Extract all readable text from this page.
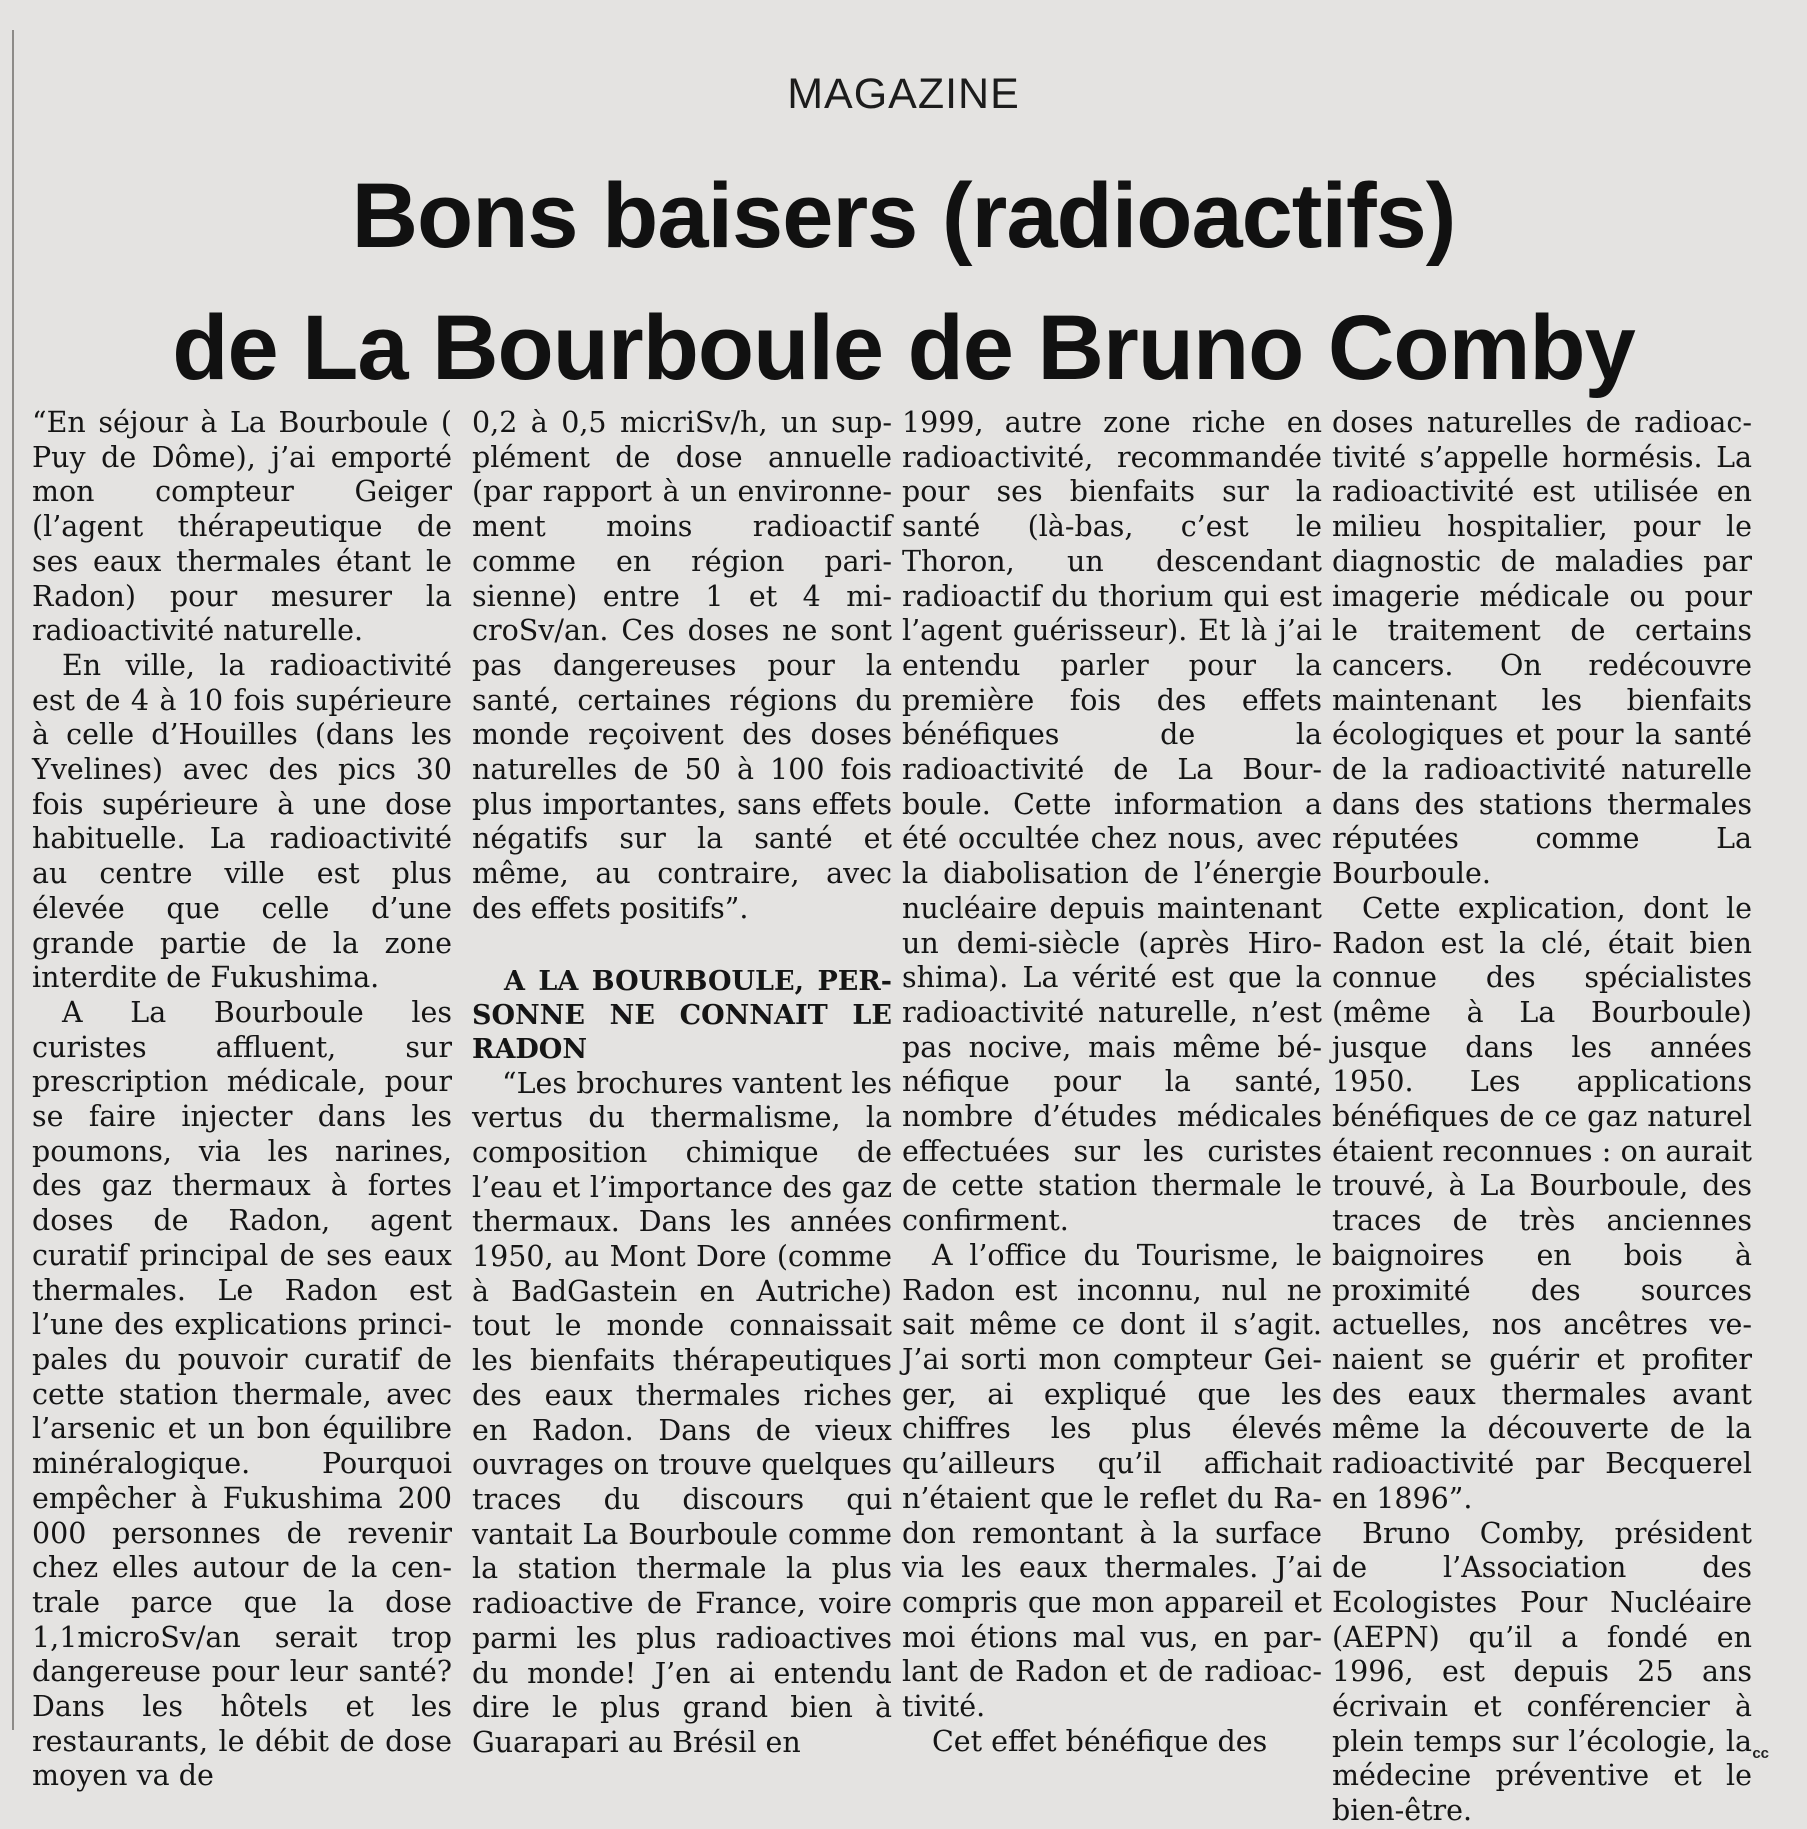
MAGAZINE
Bons baisers (radioactifs)
de La Bourboule de Bruno Comby

“En séjour à La Bourboule ( Puy de Dôme), j’ai emporté mon compteur Geiger (l’agent thérapeutique de ses eaux thermales étant le Radon) pour mesurer la radioactivité naturelle.

En ville, la radioactivité est de 4 à 10 fois supérieure à celle d’Houilles (dans les Yvelines) avec des pics 30 fois supérieure à une dose habituelle. La radioactivité au centre ville est plus élevée que celle d’une grande partie de la zone interdite de Fukushima.

A La Bourboule les curistes affluent, sur prescription médicale, pour se faire injecter dans les poumons, via les narines, des gaz thermaux à fortes doses de Radon, agent curatif principal de ses eaux thermales. Le Radon est l’une des explications principales du pouvoir curatif de cette station thermale, avec l’arsenic et un bon équilibre minéralogique. Pourquoi empêcher à Fukushima 200 000 personnes de revenir chez elles autour de la centrale parce que la dose 1,1microSv/an serait trop dangereuse pour leur santé? Dans les hôtels et les restaurants, le débit de dose moyen va de

0,2 à 0,5 micriSv/h, un supplément de dose annuelle (par rapport à un environnement moins radioactif comme en région parisienne) entre 1 et 4 microSv/an. Ces doses ne sont pas dangereuses pour la santé, certaines régions du monde reçoivent des doses naturelles de 50 à 100 fois plus importantes, sans effets négatifs sur la santé et même, au contraire, avec des effets positifs”.

A LA BOURBOULE, PERSONNE NE CONNAIT LE RADON

“Les brochures vantent les vertus du thermalisme, la composition chimique de l’eau et l’importance des gaz thermaux. Dans les années 1950, au Mont Dore (comme à BadGastein en Autriche) tout le monde connaissait les bienfaits thérapeutiques des eaux thermales riches en Radon. Dans de vieux ouvrages on trouve quelques traces du discours qui vantait La Bourboule comme la station thermale la plus radioactive de France, voire parmi les plus radioactives du monde! J’en ai entendu dire le plus grand bien à Guarapari au Brésil en

1999, autre zone riche en radioactivité, recommandée pour ses bienfaits sur la santé (là-bas, c’est le Thoron, un descendant radioactif du thorium qui est l’agent guérisseur). Et là j’ai entendu parler pour la première fois des effets bénéfiques de la radioactivité de La Bourboule. Cette information a été occultée chez nous, avec la diabolisation de l’énergie nucléaire depuis maintenant un demi-siècle (après Hiroshima). La vérité est que la radioactivité naturelle, n’est pas nocive, mais même bénéfique pour la santé, nombre d’études médicales effectuées sur les curistes de cette station thermale le confirment.

A l’office du Tourisme, le Radon est inconnu, nul ne sait même ce dont il s’agit. J’ai sorti mon compteur Geiger, ai expliqué que les chiffres les plus élevés qu’ailleurs qu’il affichait n’étaient que le reflet du Radon remontant à la surface via les eaux thermales. J’ai compris que mon appareil et moi étions mal vus, en parlant de Radon et de radioactivité.

Cet effet bénéfique des

doses naturelles de radioactivité s’appelle hormésis. La radioactivité est utilisée en milieu hospitalier, pour le diagnostic de maladies par imagerie médicale ou pour le traitement de certains cancers. On redécouvre maintenant les bienfaits écologiques et pour la santé de la radioactivité naturelle dans des stations thermales réputées comme La Bourboule.

Cette explication, dont le Radon est la clé, était bien connue des spécialistes (même à La Bourboule) jusque dans les années 1950. Les applications bénéfiques de ce gaz naturel étaient reconnues : on aurait trouvé, à La Bourboule, des traces de très anciennes baignoires en bois à proximité des sources actuelles, nos ancêtres venaient se guérir et profiter des eaux thermales avant même la découverte de la radioactivité par Becquerel en 1896”.

Bruno Comby, président de l’Association des Ecologistes Pour Nucléaire (AEPN) qu’il a fondé en 1996, est depuis 25 ans écrivain et conférencier à plein temps sur l’écologie, la médecine préventive et le bien-être.

cc
